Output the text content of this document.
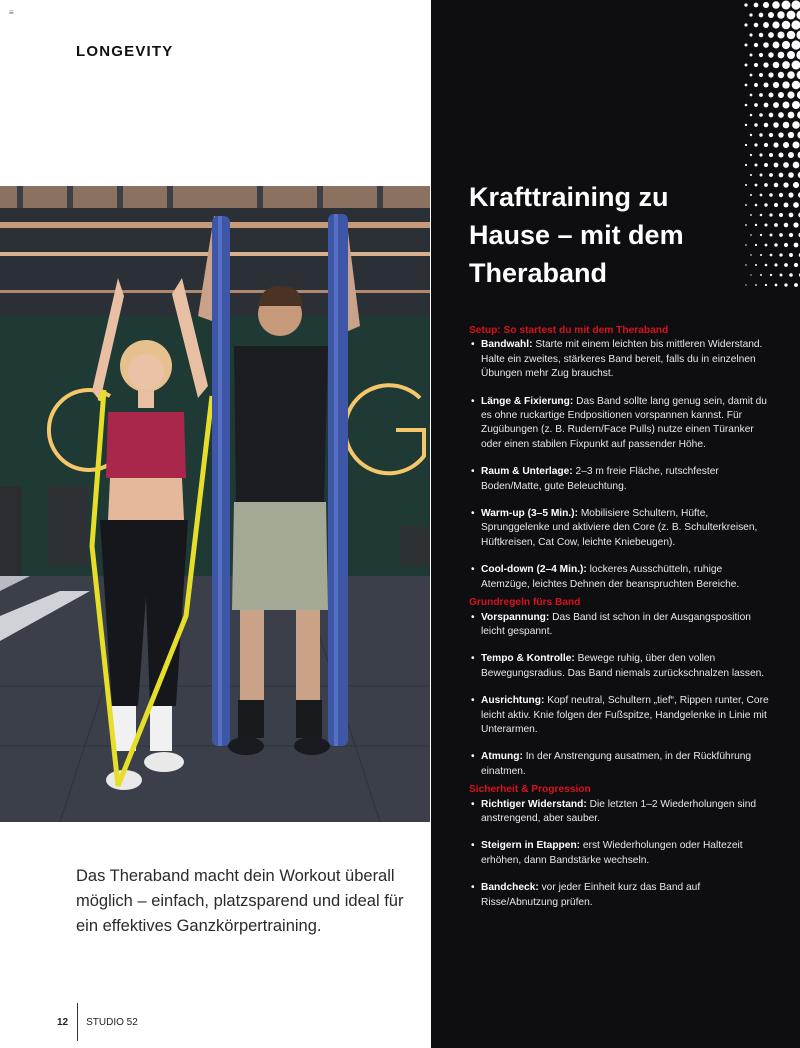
≡
LONGEVITY
Das Theraband macht dein Workout überall möglich – einfach, platzsparend und ideal für ein effektives Ganzkörpertraining.
12 STUDIO 52
Krafttraining zu Hause – mit dem Theraband
Setup: So startest du mit dem Theraband
• Bandwahl: Starte mit einem leichten bis mittleren Widerstand. Halte ein zweites, stärkeres Band bereit, falls du in einzelnen Übungen mehr Zug brauchst.
• Länge & Fixierung: Das Band sollte lang genug sein, damit du es ohne ruckartige Endpositionen vorspannen kannst. Für Zugübungen (z. B. Rudern/Face Pulls) nutze einen Türanker oder einen stabilen Fixpunkt auf passender Höhe.
• Raum & Unterlage: 2–3 m freie Fläche, rutschfester Boden/Matte, gute Beleuchtung.
• Warm-up (3–5 Min.): Mobilisiere Schultern, Hüfte, Sprunggelenke und aktiviere den Core (z. B. Schulterkreisen, Hüftkreisen, Cat Cow, leichte Kniebeugen).
• Cool-down (2–4 Min.): lockeres Ausschütteln, ruhige Atemzüge, leichtes Dehnen der beanspruchten Bereiche.
Grundregeln fürs Band
• Vorspannung: Das Band ist schon in der Ausgangsposition leicht gespannt.
• Tempo & Kontrolle: Bewege ruhig, über den vollen Bewegungsradius. Das Band niemals zurückschnalzen lassen.
• Ausrichtung: Kopf neutral, Schultern „tief“, Rippen runter, Core leicht aktiv. Knie folgen der Fußspitze, Handgelenke in Linie mit Unterarmen.
• Atmung: In der Anstrengung ausatmen, in der Rückführung einatmen.
Sicherheit & Progression
• Richtiger Widerstand: Die letzten 1–2 Wiederholungen sind anstrengend, aber sauber.
• Steigern in Etappen: erst Wiederholungen oder Haltezeit erhöhen, dann Bandstärke wechseln.
• Bandcheck: vor jeder Einheit kurz das Band auf Risse/Abnutzung prüfen.
